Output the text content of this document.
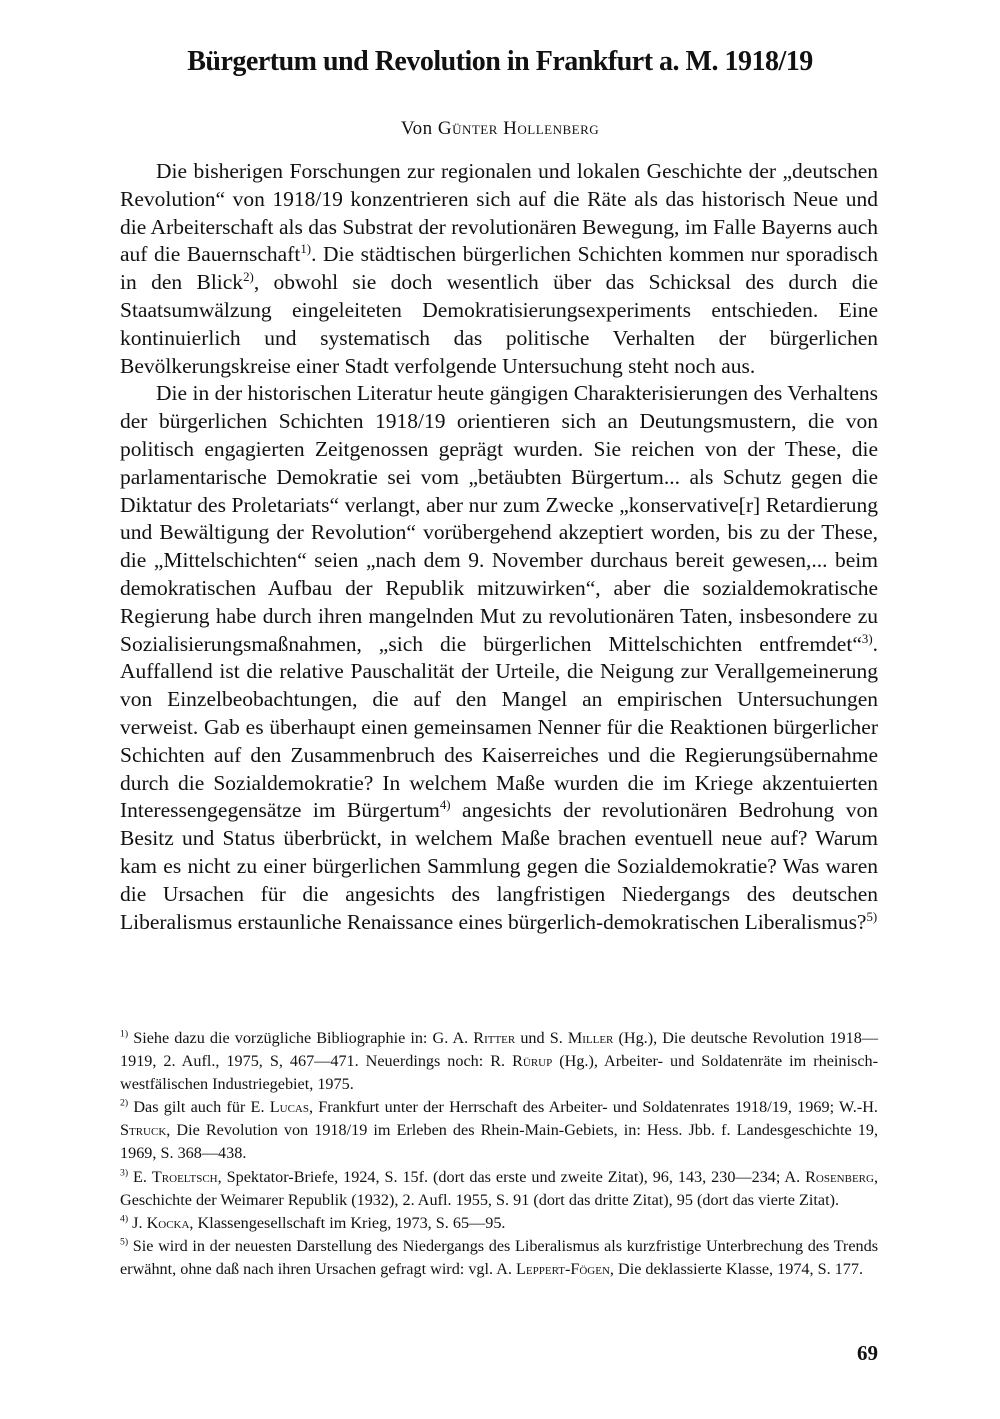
Bürgertum und Revolution in Frankfurt a. M. 1918/19

Von Günter Hollenberg

Die bisherigen Forschungen zur regionalen und lokalen Geschichte der „deutschen Revolution“ von 1918/19 konzentrieren sich auf die Räte als das historisch Neue und die Arbeiterschaft als das Substrat der revolutionären Bewegung, im Falle Bayerns auch auf die Bauernschaft$^{1)}$. Die städtischen bürgerlichen Schichten kommen nur sporadisch in den Blick$^{2)}$, obwohl sie doch wesentlich über das Schicksal des durch die Staatsumwälzung eingeleiteten Demokratisierungsexperiments entschieden. Eine kontinuierlich und systematisch das politische Verhalten der bürgerlichen Bevölkerungskreise einer Stadt verfolgende Untersuchung steht noch aus.

Die in der historischen Literatur heute gängigen Charakterisierungen des Verhaltens der bürgerlichen Schichten 1918/19 orientieren sich an Deutungsmustern, die von politisch engagierten Zeitgenossen geprägt wurden. Sie reichen von der These, die parlamentarische Demokratie sei vom „betäubten Bürgertum... als Schutz gegen die Diktatur des Proletariats“ verlangt, aber nur zum Zwecke „konservative[r] Retardierung und Bewältigung der Revolution“ vorübergehend akzeptiert worden, bis zu der These, die „Mittelschichten“ seien „nach dem 9. November durchaus bereit gewesen,... beim demokratischen Aufbau der Republik mitzuwirken“, aber die sozialdemokratische Regierung habe durch ihren mangelnden Mut zu revolutionären Taten, insbesondere zu Sozialisierungsmaßnahmen, „sich die bürgerlichen Mittelschichten entfremdet“$^{3)}$. Auffallend ist die relative Pauschalität der Urteile, die Neigung zur Verallgemeinerung von Einzelbeobachtungen, die auf den Mangel an empirischen Untersuchungen verweist. Gab es überhaupt einen gemeinsamen Nenner für die Reaktionen bürgerlicher Schichten auf den Zusammenbruch des Kaiserreiches und die Regierungsübernahme durch die Sozialdemokratie? In welchem Maße wurden die im Kriege akzentuierten Interessengegensätze im Bürgertum$^{4)}$ angesichts der revolutionären Bedrohung von Besitz und Status überbrückt, in welchem Maße brachen eventuell neue auf? Warum kam es nicht zu einer bürgerlichen Sammlung gegen die Sozialdemokratie? Was waren die Ursachen für die angesichts des langfristigen Niedergangs des deutschen Liberalismus erstaunliche Renaissance eines bürgerlich-demokratischen Liberalismus?$^{5)}$

$^{1)}$ Siehe dazu die vorzügliche Bibliographie in: G. A. Ritter und S. Miller (Hg.), Die deutsche Revolution 1918—1919, 2. Aufl., 1975, S, 467—471. Neuerdings noch: R. Rürup (Hg.), Arbeiter- und Soldatenräte im rheinisch-westfälischen Industriegebiet, 1975.

$^{2)}$ Das gilt auch für E. Lucas, Frankfurt unter der Herrschaft des Arbeiter- und Soldatenrates 1918/19, 1969; W.-H. Struck, Die Revolution von 1918/19 im Erleben des Rhein-Main-Gebiets, in: Hess. Jbb. f. Landesgeschichte 19, 1969, S. 368—438.

$^{3)}$ E. Troeltsch, Spektator-Briefe, 1924, S. 15f. (dort das erste und zweite Zitat), 96, 143, 230—234; A. Rosenberg, Geschichte der Weimarer Republik (1932), 2. Aufl. 1955, S. 91 (dort das dritte Zitat), 95 (dort das vierte Zitat).

$^{4)}$ J. Kocka, Klassengesellschaft im Krieg, 1973, S. 65—95.

$^{5)}$ Sie wird in der neuesten Darstellung des Niedergangs des Liberalismus als kurzfristige Unterbrechung des Trends erwähnt, ohne daß nach ihren Ursachen gefragt wird: vgl. A. Leppert-Fögen, Die deklassierte Klasse, 1974, S. 177.

69
